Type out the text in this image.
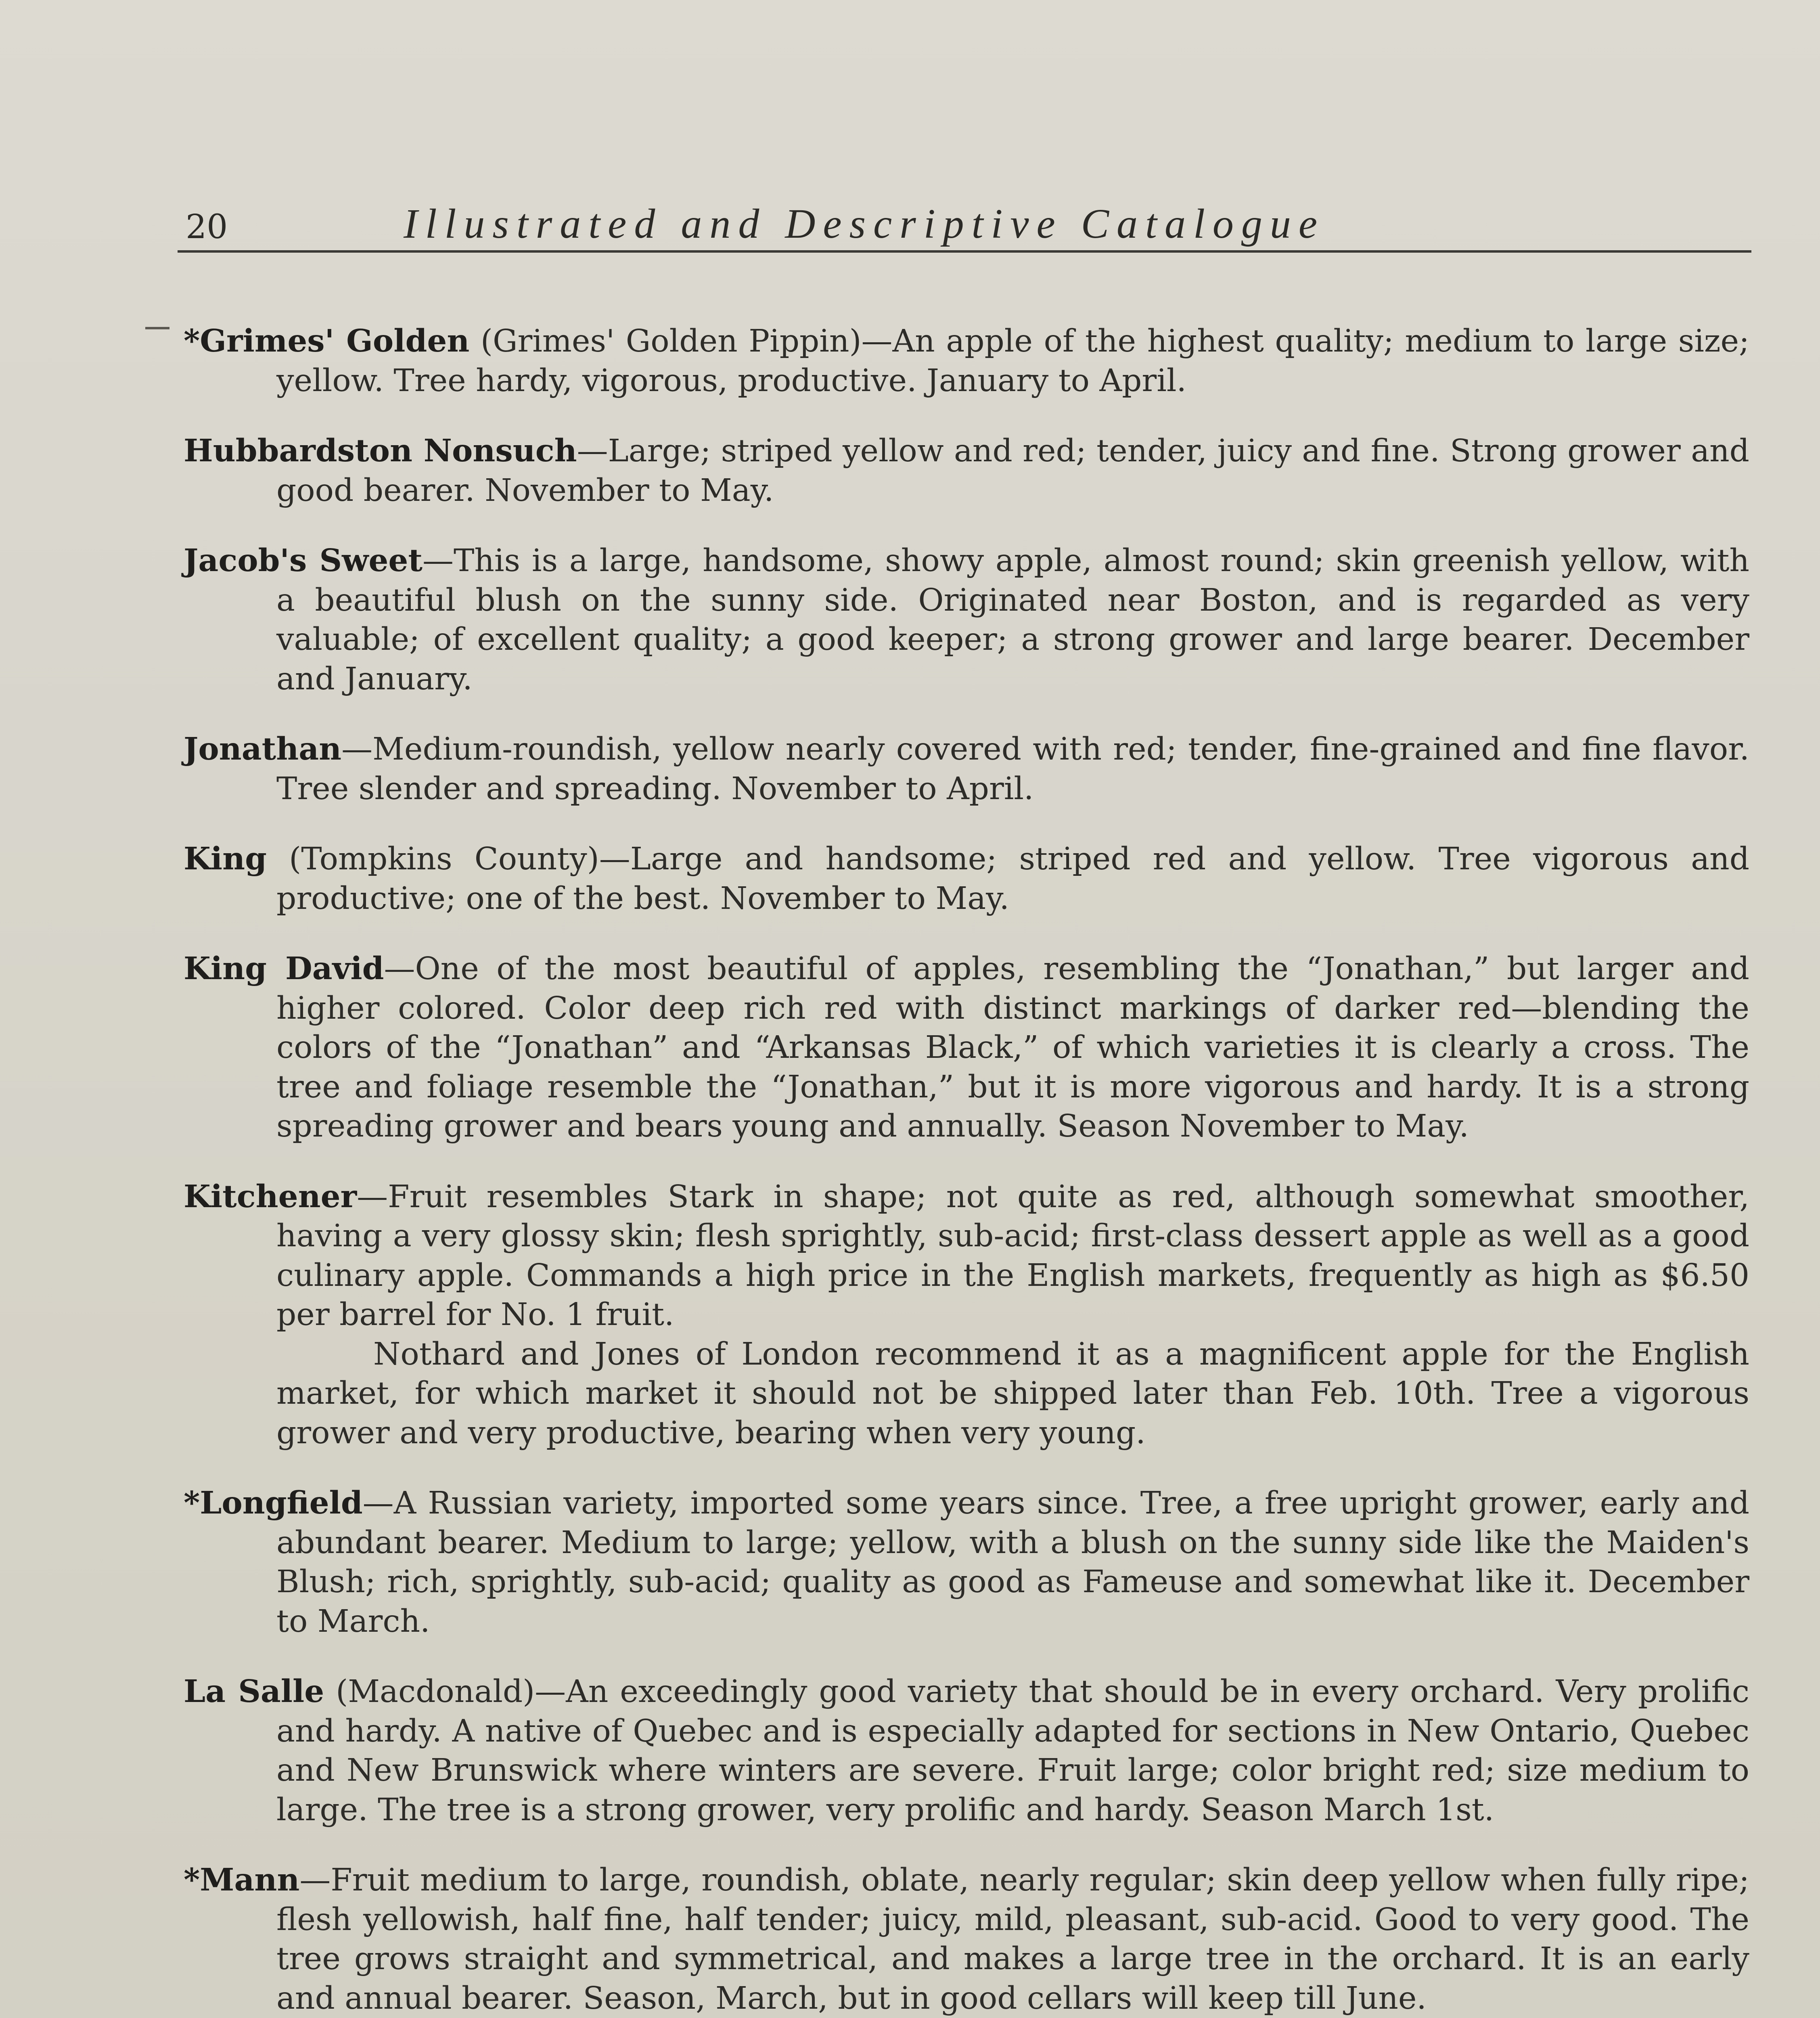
20	Illustrated and Descriptive Catalogue

*Grimes' Golden (Grimes' Golden Pippin)—An apple of the highest quality; medium to large size; yellow. Tree hardy, vigorous, productive. January to April.

Hubbardston Nonsuch—Large; striped yellow and red; tender, juicy and fine. Strong grower and good bearer. November to May.

Jacob's Sweet—This is a large, handsome, showy apple, almost round; skin greenish yellow, with a beautiful blush on the sunny side. Originated near Boston, and is regarded as very valuable; of excellent quality; a good keeper; a strong grower and large bearer. December and January.

Jonathan—Medium-roundish, yellow nearly covered with red; tender, fine-grained and fine flavor. Tree slender and spreading. November to April.

King (Tompkins County)—Large and handsome; striped red and yellow. Tree vigorous and productive; one of the best. November to May.

King David—One of the most beautiful of apples, resembling the “Jonathan,” but larger and higher colored. Color deep rich red with distinct markings of darker red—blending the colors of the “Jonathan” and “Arkansas Black,” of which varieties it is clearly a cross. The tree and foliage resemble the “Jonathan,” but it is more vigorous and hardy. It is a strong spreading grower and bears young and annually. Season November to May.

Kitchener—Fruit resembles Stark in shape; not quite as red, although somewhat smoother, having a very glossy skin; flesh sprightly, sub-acid; first-class dessert apple as well as a good culinary apple. Commands a high price in the English markets, frequently as high as $6.50 per barrel for No. 1 fruit.
Nothard and Jones of London recommend it as a magnificent apple for the English market, for which market it should not be shipped later than Feb. 10th. Tree a vigorous grower and very productive, bearing when very young.

*Longfield—A Russian variety, imported some years since. Tree, a free upright grower, early and abundant bearer. Medium to large; yellow, with a blush on the sunny side like the Maiden's Blush; rich, sprightly, sub-acid; quality as good as Fameuse and somewhat like it. December to March.

La Salle (Macdonald)—An exceedingly good variety that should be in every orchard. Very prolific and hardy. A native of Quebec and is especially adapted for sections in New Ontario, Quebec and New Brunswick where winters are severe. Fruit large; color bright red; size medium to large. The tree is a strong grower, very prolific and hardy. Season March 1st.

*Mann—Fruit medium to large, roundish, oblate, nearly regular; skin deep yellow when fully ripe; flesh yellowish, half fine, half tender; juicy, mild, pleasant, sub-acid. Good to very good. The tree grows straight and symmetrical, and makes a large tree in the orchard. It is an early and annual bearer. Season, March, but in good cellars will keep till June.
